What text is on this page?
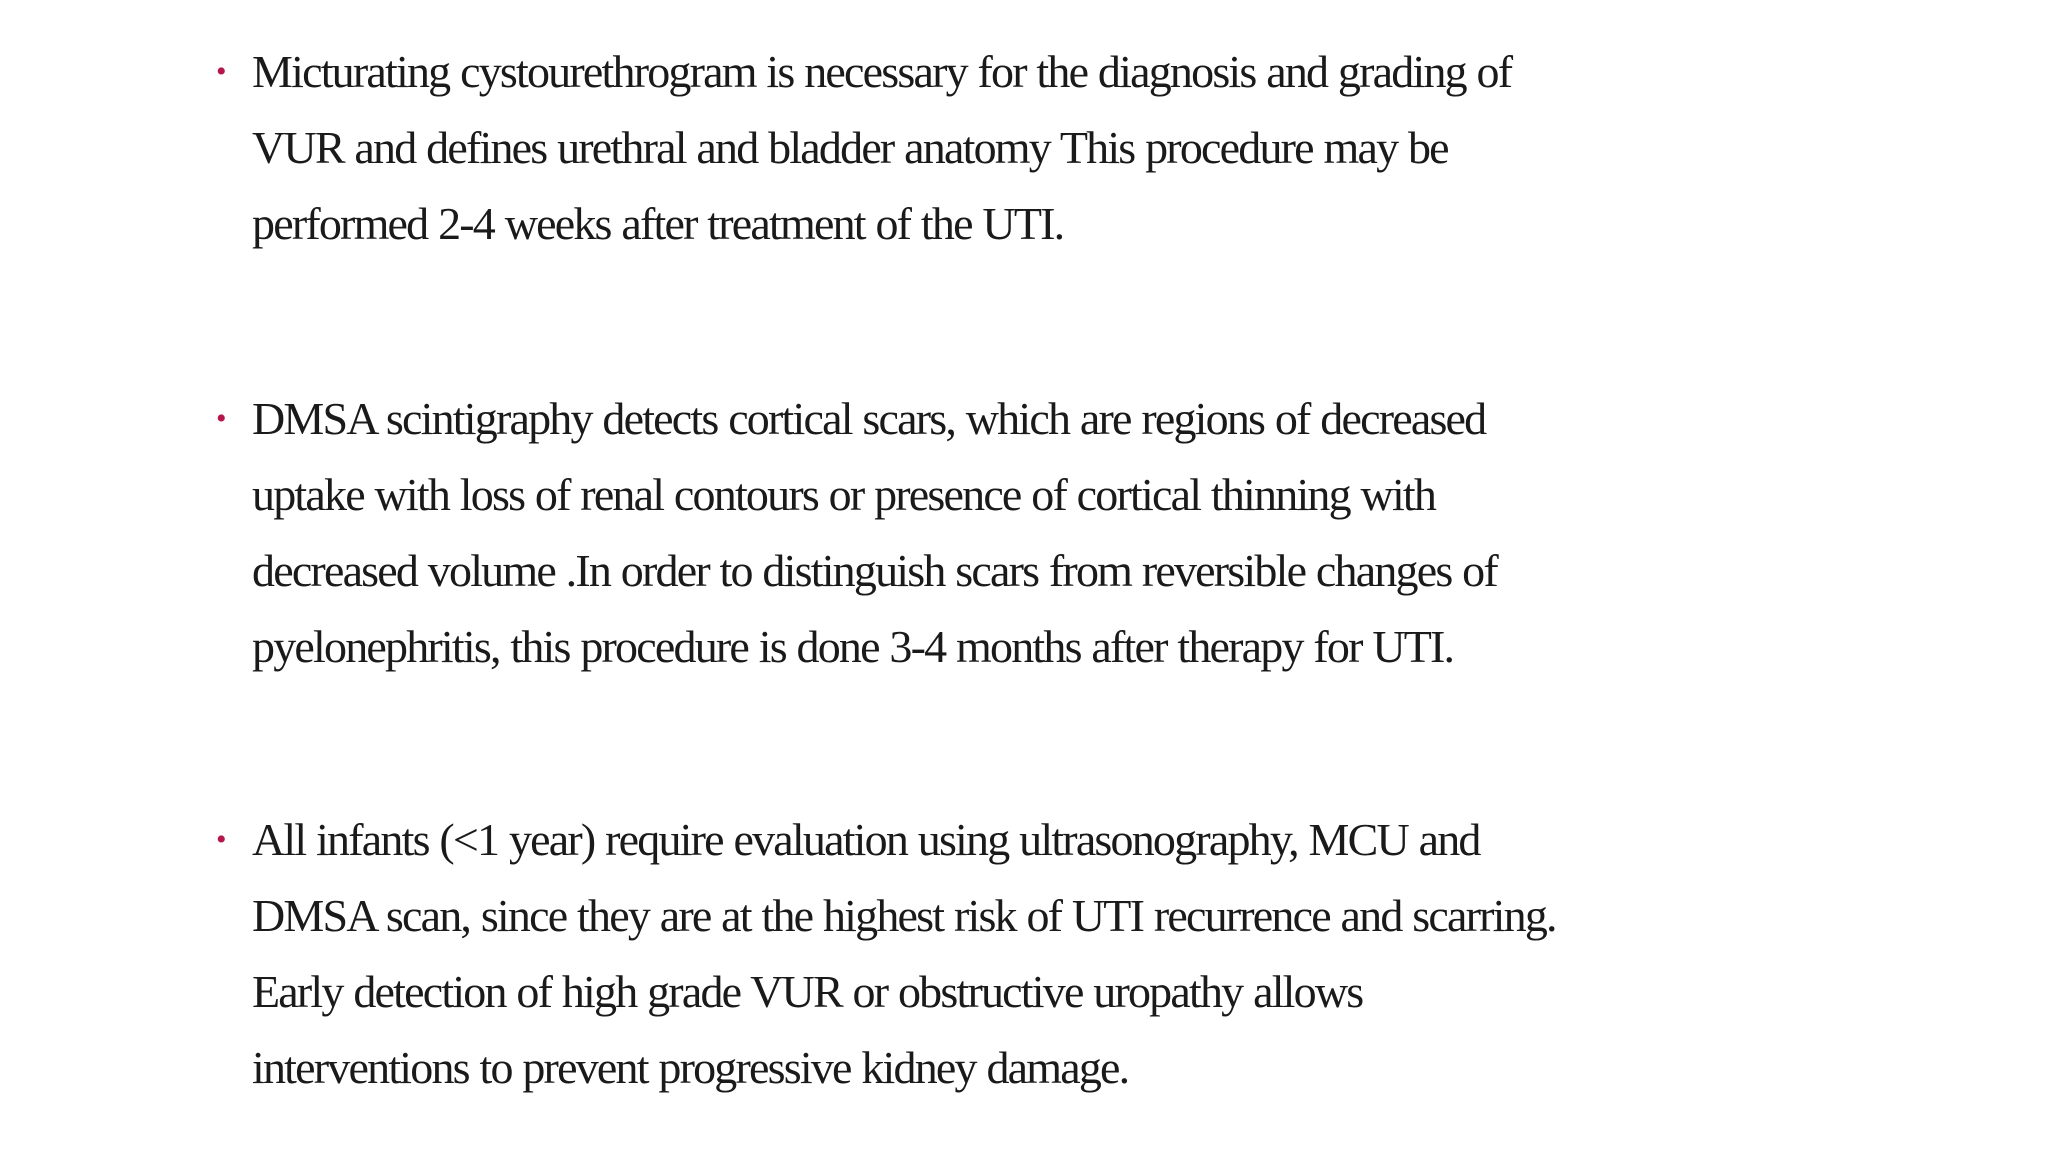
• Micturating cystourethrogram is necessary for the diagnosis and grading of
VUR and defines urethral and bladder anatomy This procedure may be
performed 2-4 weeks after treatment of the UTI.
• DMSA scintigraphy detects cortical scars, which are regions of decreased
uptake with loss of renal contours or presence of cortical thinning with
decreased volume .In order to distinguish scars from reversible changes of
pyelonephritis, this procedure is done 3-4 months after therapy for UTI.
• All infants (<1 year) require evaluation using ultrasonography, MCU and
DMSA scan, since they are at the highest risk of UTI recurrence and scarring.
Early detection of high grade VUR or obstructive uropathy allows
interventions to prevent progressive kidney damage.
